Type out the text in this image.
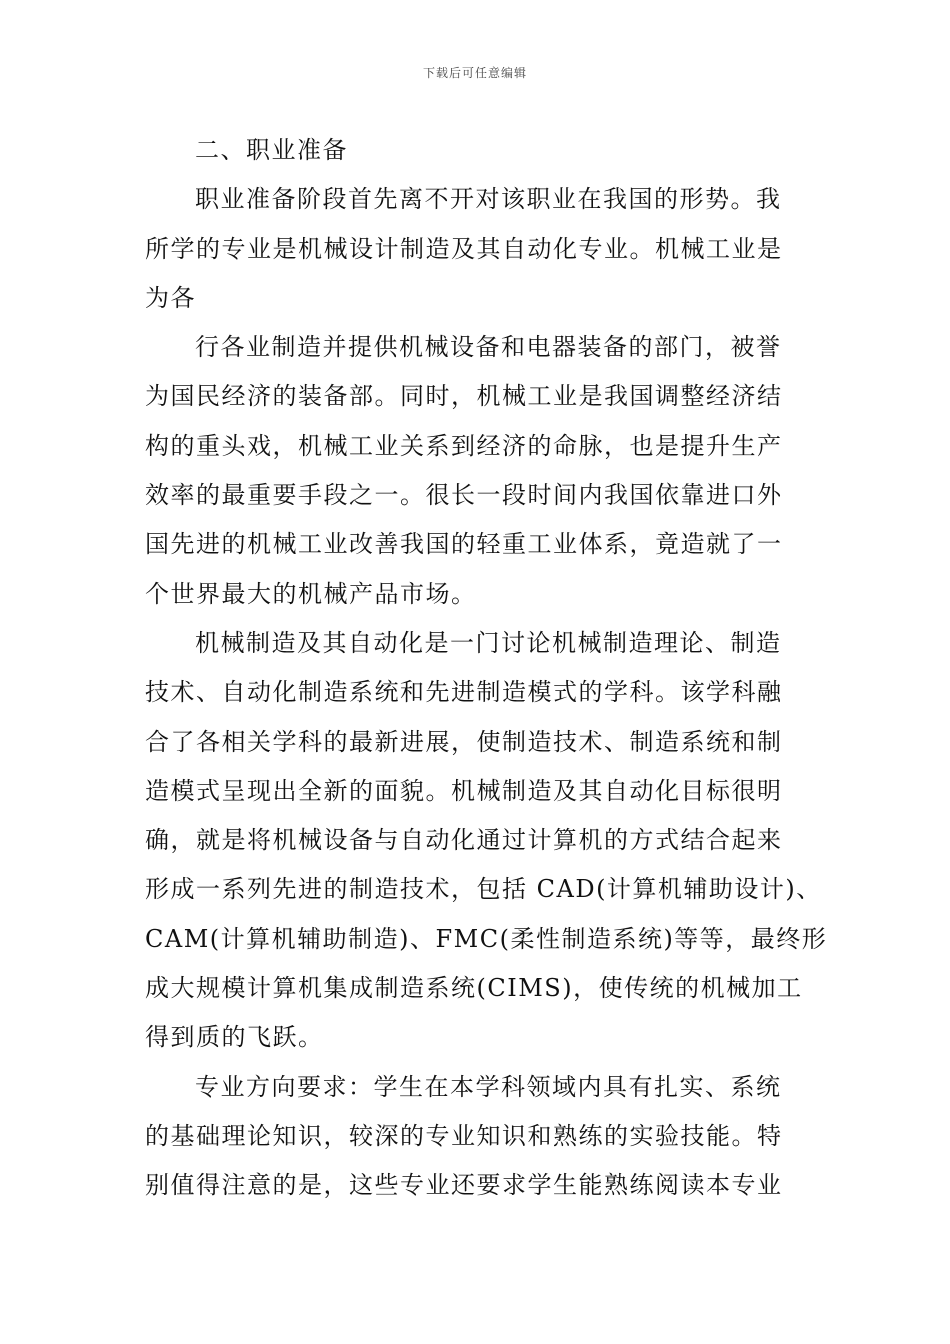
下载后可任意编辑
二、职业准备
职业准备阶段首先离不开对该职业在我国的形势。我
所学的专业是机械设计制造及其自动化专业。机械工业是
为各
行各业制造并提供机械设备和电器装备的部门，被誉
为国民经济的装备部。同时，机械工业是我国调整经济结
构的重头戏，机械工业关系到经济的命脉，也是提升生产
效率的最重要手段之一。很长一段时间内我国依靠进口外
国先进的机械工业改善我国的轻重工业体系，竟造就了一
个世界最大的机械产品市场。
机械制造及其自动化是一门讨论机械制造理论、制造
技术、自动化制造系统和先进制造模式的学科。该学科融
合了各相关学科的最新进展，使制造技术、制造系统和制
造模式呈现出全新的面貌。机械制造及其自动化目标很明
确，就是将机械设备与自动化通过计算机的方式结合起来
形成一系列先进的制造技术，包括 CAD(计算机辅助设计)、
CAM(计算机辅助制造)、FMC(柔性制造系统)等等，最终形
成大规模计算机集成制造系统(CIMS)，使传统的机械加工
得到质的飞跃。
专业方向要求：学生在本学科领域内具有扎实、系统
的基础理论知识，较深的专业知识和熟练的实验技能。特
别值得注意的是，这些专业还要求学生能熟练阅读本专业
